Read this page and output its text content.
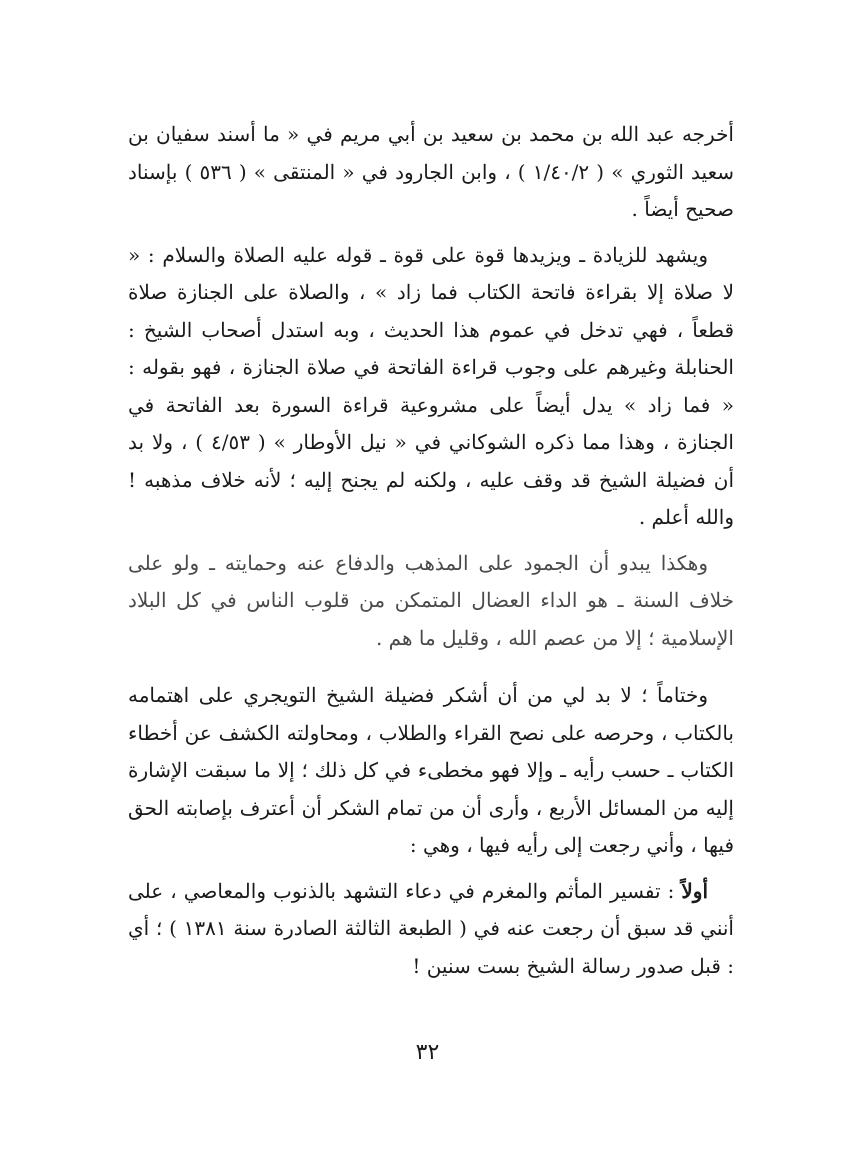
أخرجه عبد الله بن محمد بن سعيد بن أبي مريم في « ما أسند سفيان بن سعيد الثوري » ( ١/٤٠/٢ ) ، وابن الجارود في « المنتقى » ( ٥٣٦ ) بإسناد صحيح أيضاً .

ويشهد للزيادة ـ ويزيدها قوة على قوة ـ قوله عليه الصلاة والسلام : « لا صلاة إلا بقراءة فاتحة الكتاب فما زاد » ، والصلاة على الجنازة صلاة قطعاً ، فهي تدخل في عموم هذا الحديث ، وبه استدل أصحاب الشيخ : الحنابلة وغيرهم على وجوب قراءة الفاتحة في صلاة الجنازة ، فهو بقوله : « فما زاد » يدل أيضاً على مشروعية قراءة السورة بعد الفاتحة في الجنازة ، وهذا مما ذكره الشوكاني في « نيل الأوطار » ( ٤/٥٣ ) ، ولا بد أن فضيلة الشيخ قد وقف عليه ، ولكنه لم يجنح إليه ؛ لأنه خلاف مذهبه ! والله أعلم .

وهكذا يبدو أن الجمود على المذهب والدفاع عنه وحمايته ـ ولو على خلاف السنة ـ هو الداء العضال المتمكن من قلوب الناس في كل البلاد الإسلامية ؛ إلا من عصم الله ، وقليل ما هم .

وختاماً ؛ لا بد لي من أن أشكر فضيلة الشيخ التويجري على اهتمامه بالكتاب ، وحرصه على نصح القراء والطلاب ، ومحاولته الكشف عن أخطاء الكتاب ـ حسب رأيه ـ وإلا فهو مخطىء في كل ذلك ؛ إلا ما سبقت الإشارة إليه من المسائل الأربع ، وأرى أن من تمام الشكر أن أعترف بإصابته الحق فيها ، وأني رجعت إلى رأيه فيها ، وهي :

أولاً : تفسير المأثم والمغرم في دعاء التشهد بالذنوب والمعاصي ، على أنني قد سبق أن رجعت عنه في ( الطبعة الثالثة الصادرة سنة ١٣٨١ ) ؛ أي : قبل صدور رسالة الشيخ بست سنين !

٣٢
